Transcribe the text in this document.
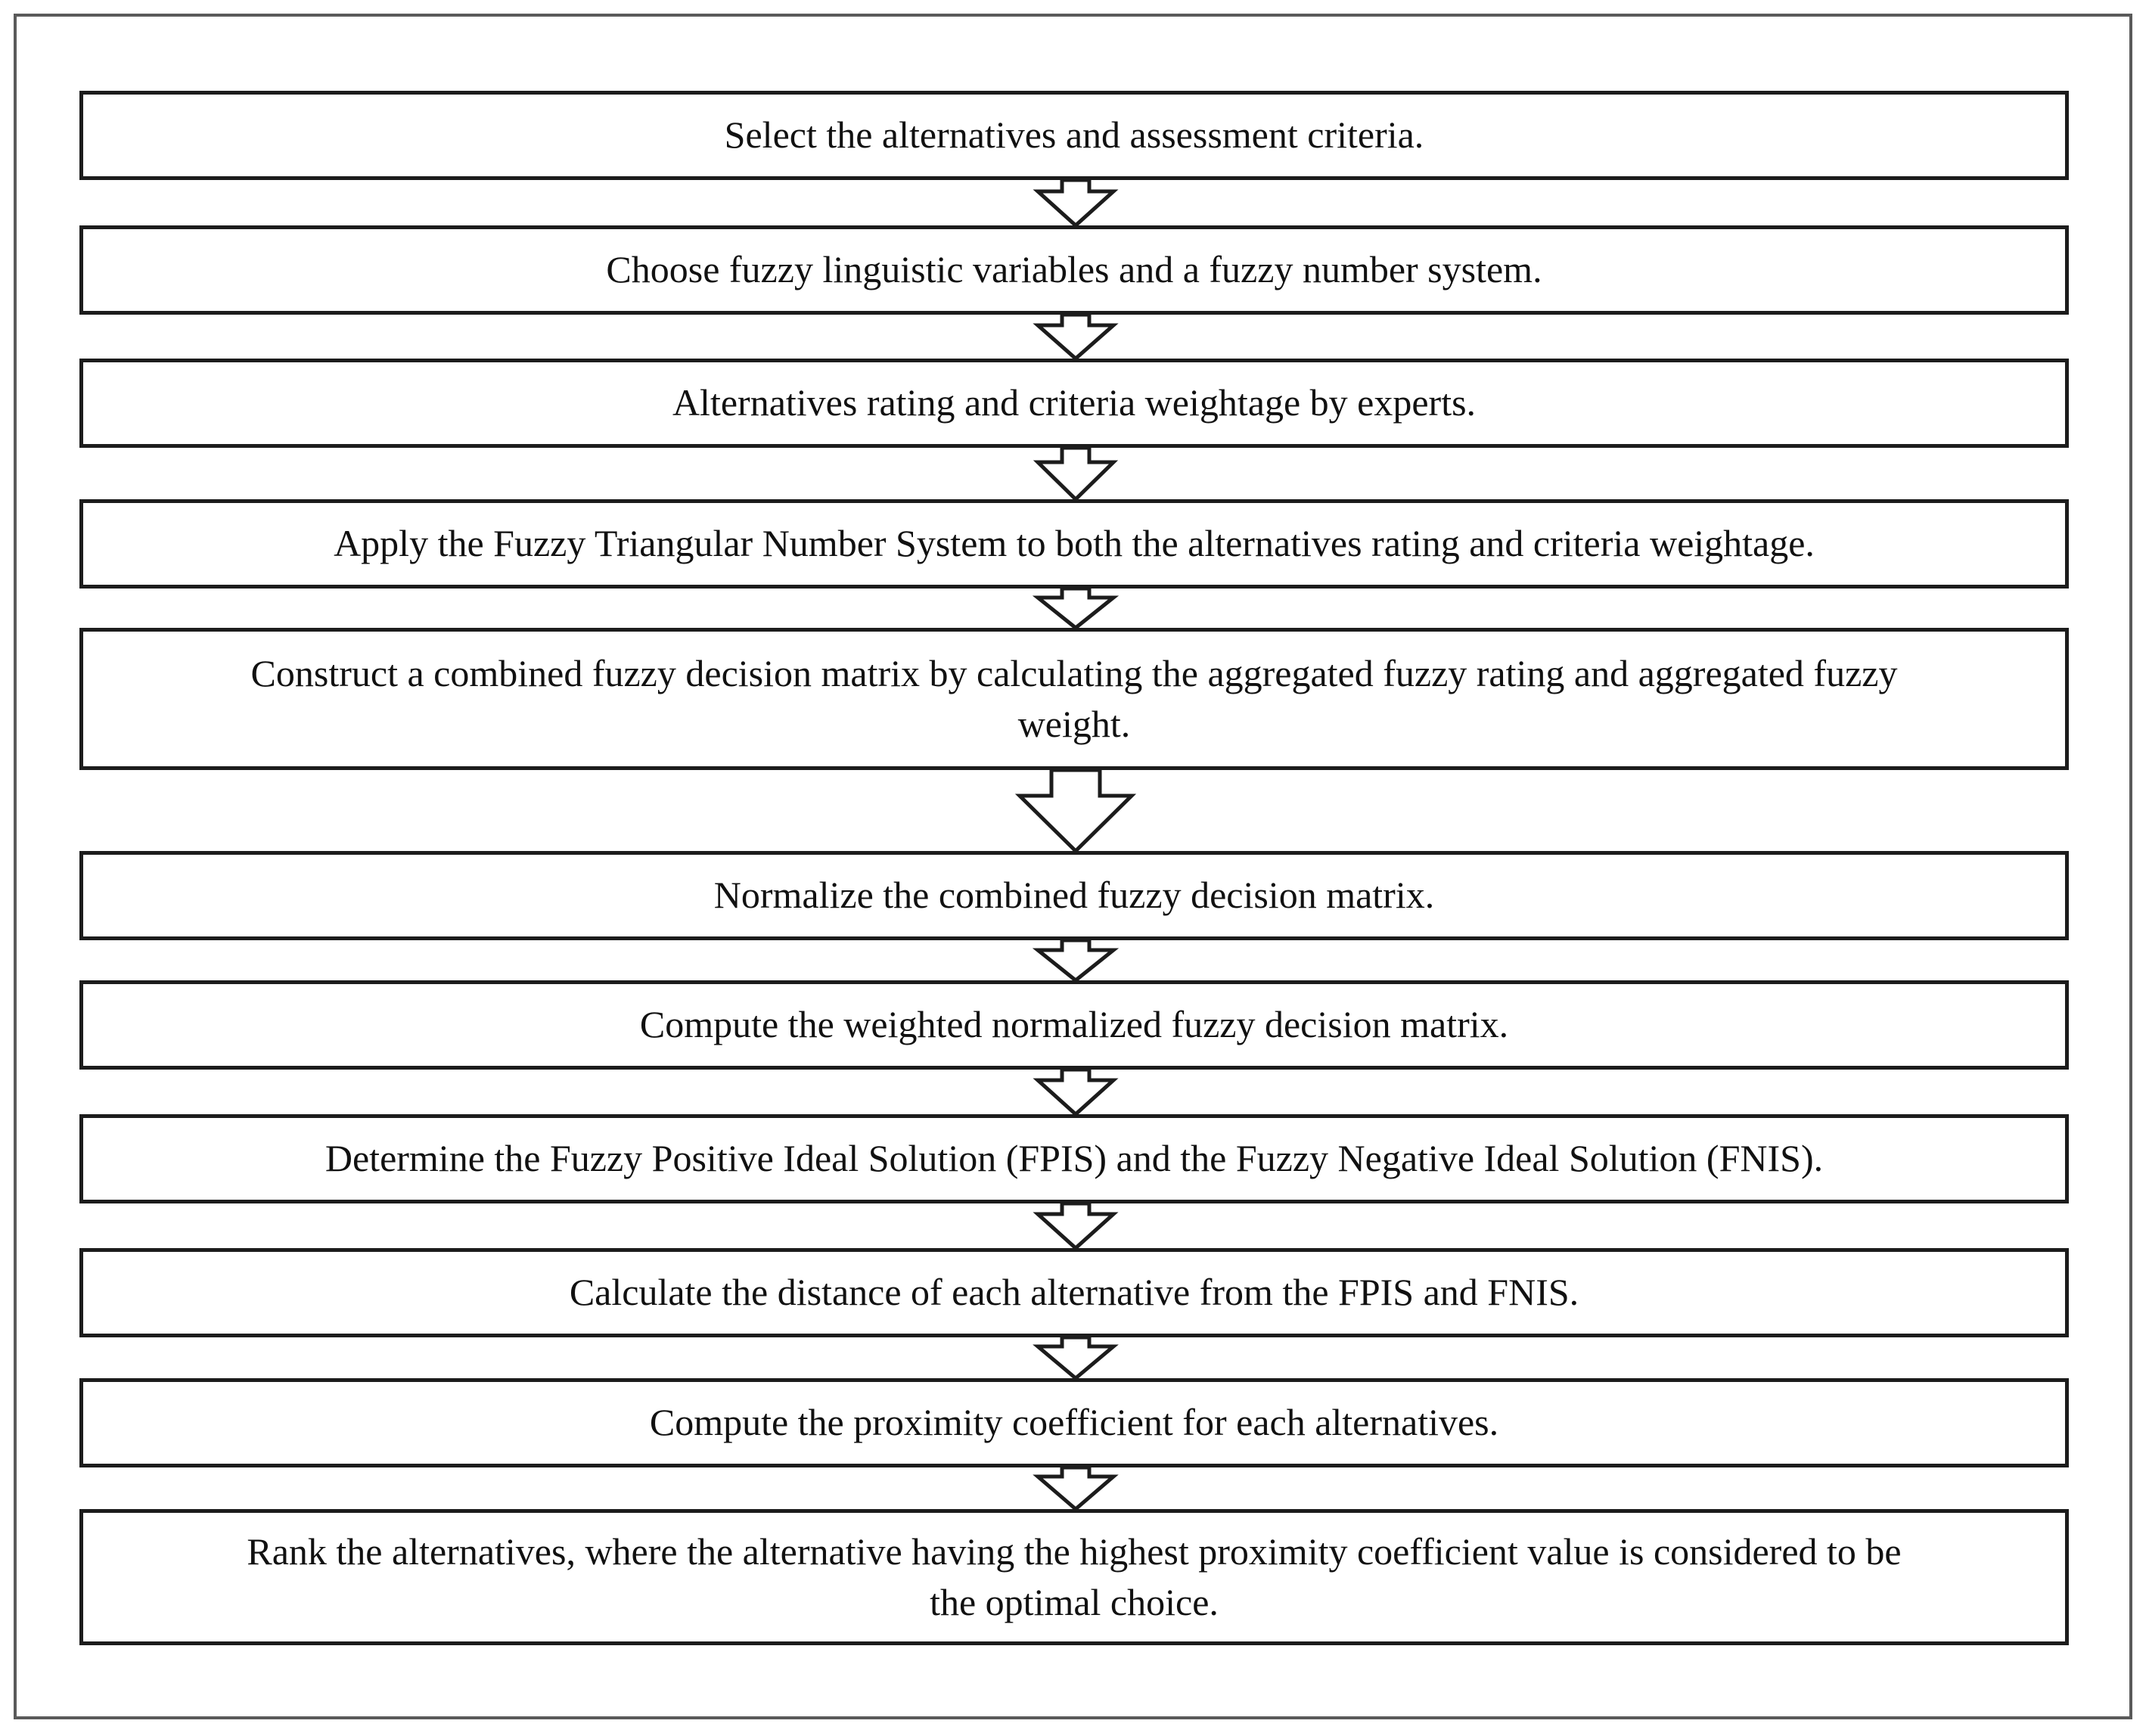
Select the alternatives and assessment criteria.
Choose fuzzy linguistic variables and a fuzzy number system.
Alternatives rating and criteria weightage by experts.
Apply the Fuzzy Triangular Number System to both the alternatives rating and criteria weightage.
Construct a combined fuzzy decision matrix by calculating the aggregated fuzzy rating and aggregated fuzzy weight.
Normalize the combined fuzzy decision matrix.
Compute the weighted normalized fuzzy decision matrix.
Determine the Fuzzy Positive Ideal Solution (FPIS) and the Fuzzy Negative Ideal Solution (FNIS).
Calculate the distance of each alternative from the FPIS and FNIS.
Compute the proximity coefficient for each alternatives.
Rank the alternatives, where the alternative having the highest proximity coefficient value is considered to be the optimal choice.
